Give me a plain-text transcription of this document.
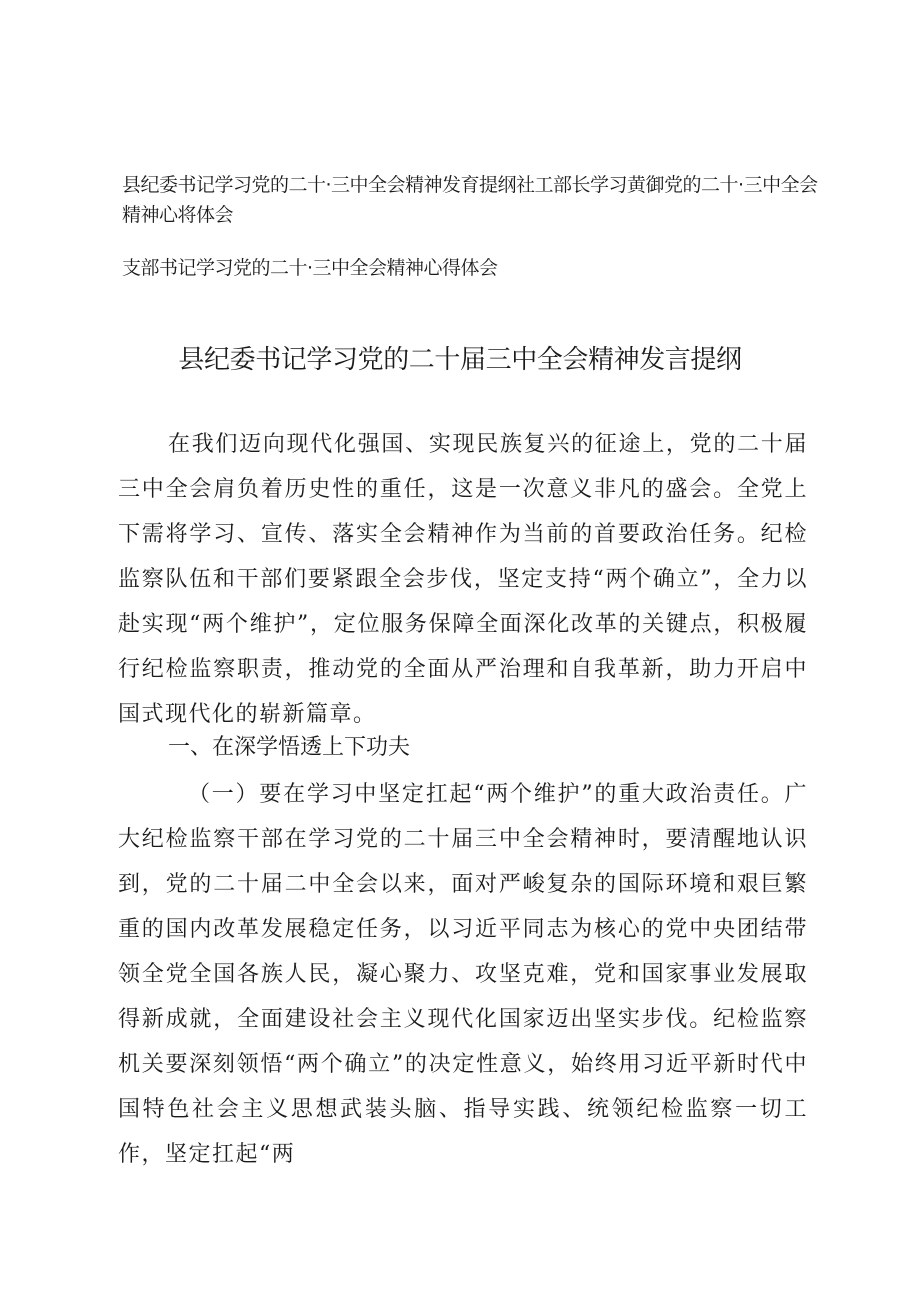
县纪委书记学习党的二十·三中全会精神发育提纲社工部长学习黄御党的二十·三中全会精神心将体会

支部书记学习党的二十·三中全会精神心得体会

县纪委书记学习党的二十届三中全会精神发言提纲

在我们迈向现代化强国、实现民族复兴的征途上，党的二十届三中全会肩负着历史性的重任，这是一次意义非凡的盛会。全党上下需将学习、宣传、落实全会精神作为当前的首要政治任务。纪检监察队伍和干部们要紧跟全会步伐，坚定支持“两个确立”，全力以赴实现“两个维护”，定位服务保障全面深化改革的关键点，积极履行纪检监察职责，推动党的全面从严治理和自我革新，助力开启中国式现代化的崭新篇章。

一、在深学悟透上下功夫

（一）要在学习中坚定扛起“两个维护”的重大政治责任。广大纪检监察干部在学习党的二十届三中全会精神时，要清醒地认识到，党的二十届二中全会以来，面对严峻复杂的国际环境和艰巨繁重的国内改革发展稳定任务，以习近平同志为核心的党中央团结带领全党全国各族人民，凝心聚力、攻坚克难，党和国家事业发展取得新成就，全面建设社会主义现代化国家迈出坚实步伐。纪检监察机关要深刻领悟“两个确立”的决定性意义，始终用习近平新时代中国特色社会主义思想武装头脑、指导实践、统领纪检监察一切工作，坚定扛起“两
